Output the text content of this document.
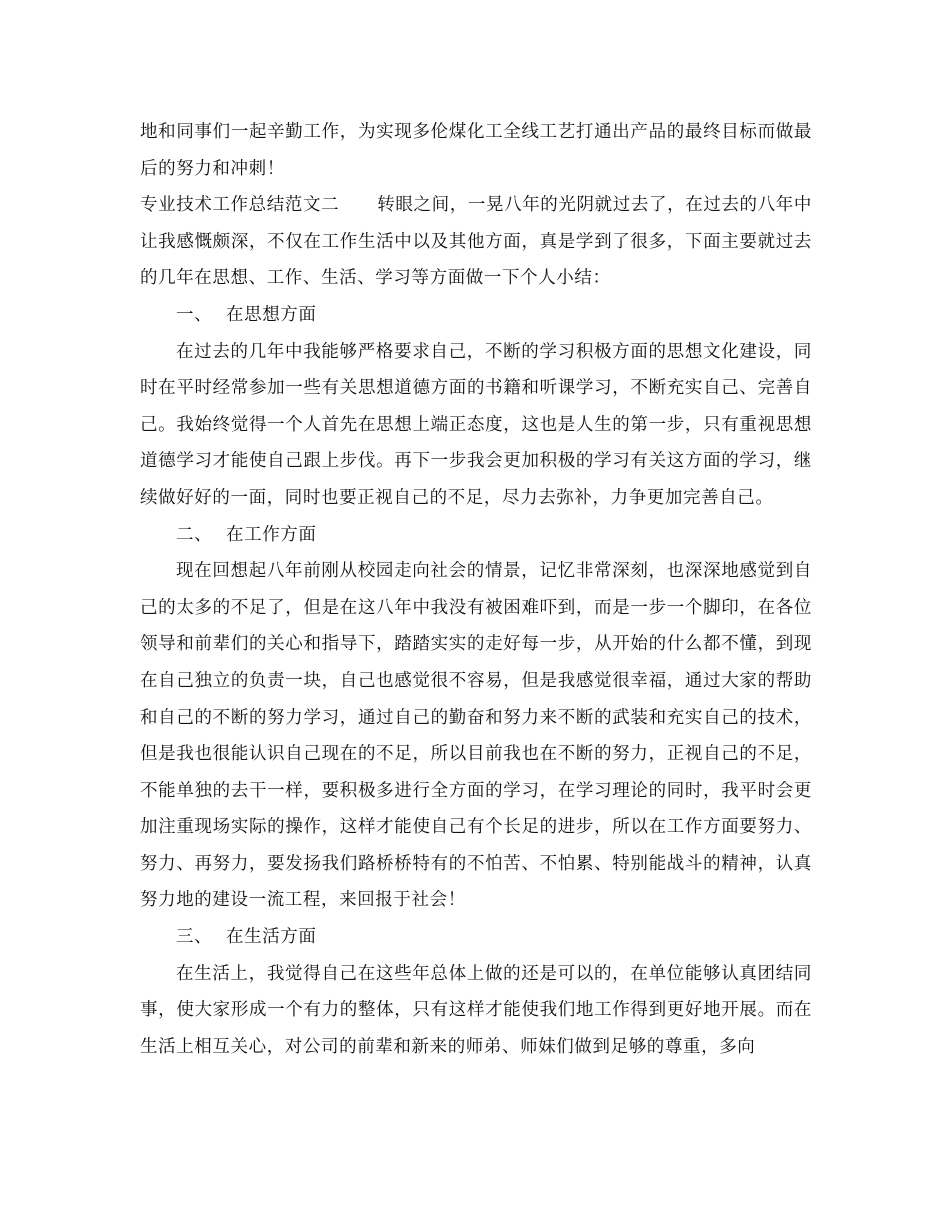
地和同事们一起辛勤工作，为实现多伦煤化工全线工艺打通出产品的最终目标而做最后的努力和冲刺！

专业技术工作总结范文二 转眼之间，一晃八年的光阴就过去了，在过去的八年中让我感慨颇深，不仅在工作生活中以及其他方面，真是学到了很多，下面主要就过去的几年在思想、工作、生活、学习等方面做一下个人小结：

一、 在思想方面

在过去的几年中我能够严格要求自己，不断的学习积极方面的思想文化建设，同时在平时经常参加一些有关思想道德方面的书籍和听课学习，不断充实自己、完善自己。我始终觉得一个人首先在思想上端正态度，这也是人生的第一步，只有重视思想道德学习才能使自己跟上步伐。再下一步我会更加积极的学习有关这方面的学习，继续做好好的一面，同时也要正视自己的不足，尽力去弥补，力争更加完善自己。

二、 在工作方面

现在回想起八年前刚从校园走向社会的情景，记忆非常深刻，也深深地感觉到自己的太多的不足了，但是在这八年中我没有被困难吓到，而是一步一个脚印，在各位领导和前辈们的关心和指导下，踏踏实实的走好每一步，从开始的什么都不懂，到现在自己独立的负责一块，自己也感觉很不容易，但是我感觉很幸福，通过大家的帮助和自己的不断的努力学习，通过自己的勤奋和努力来不断的武装和充实自己的技术，但是我也很能认识自己现在的不足，所以目前我也在不断的努力，正视自己的不足，不能单独的去干一样，要积极多进行全方面的学习，在学习理论的同时，我平时会更加注重现场实际的操作，这样才能使自己有个长足的进步，所以在工作方面要努力、努力、再努力，要发扬我们路桥桥特有的不怕苦、不怕累、特别能战斗的精神，认真努力地的建设一流工程，来回报于社会！

三、 在生活方面

在生活上，我觉得自己在这些年总体上做的还是可以的，在单位能够认真团结同事，使大家形成一个有力的整体，只有这样才能使我们地工作得到更好地开展。而在生活上相互关心，对公司的前辈和新来的师弟、师妹们做到足够的尊重，多向
